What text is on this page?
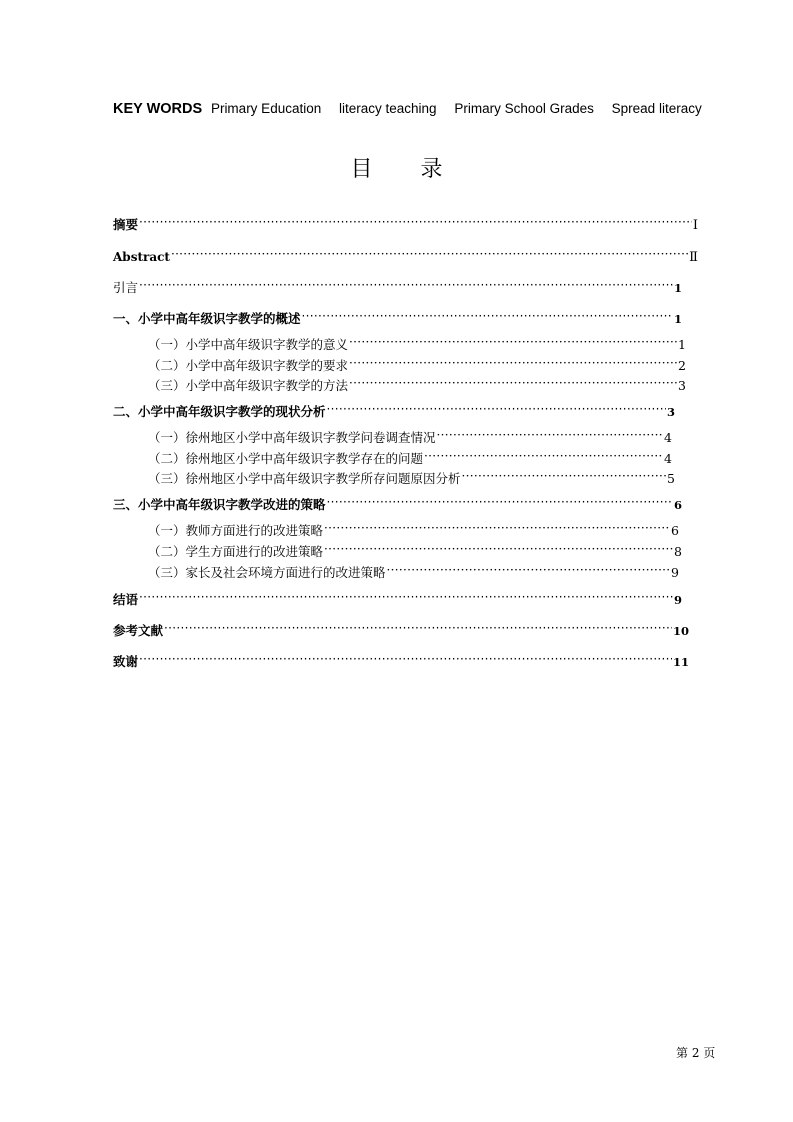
KEY WORDS Primary Education literacy teaching Primary School Grades Spread literacy
目 录
摘要 ·····	Ⅰ
Abstract ·····	Ⅱ
引言 ·····	1
一、小学中高年级识字教学的概述 ·····	1
（一）小学中高年级识字教学的意义 ·····	1
（二）小学中高年级识字教学的要求 ·····	2
（三）小学中高年级识字教学的方法 ·····	3
二、小学中高年级识字教学的现状分析 ·····	3
（一）徐州地区小学中高年级识字教学问卷调查情况 ·····	4
（二）徐州地区小学中高年级识字教学存在的问题 ·····	4
（三）徐州地区小学中高年级识字教学所存问题原因分析 ·····	5
三、小学中高年级识字教学改进的策略 ·····	6
（一）教师方面进行的改进策略 ·····	6
（二）学生方面进行的改进策略 ·····	8
（三）家长及社会环境方面进行的改进策略 ·····	9
结语 ·····	9
参考文献 ·····	10
致谢 ·····	11
第 2 页
